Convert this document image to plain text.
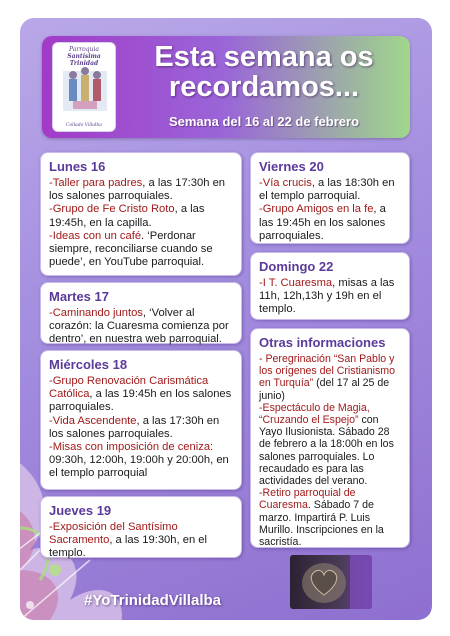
Parroquia
Santísima Trinidad
Collado Villalba
Esta semana os
recordamos...
Semana del 16 al 22 de febrero
Lunes 16
-Taller para padres, a las 17:30h en los salones parroquiales.
-Grupo de Fe Cristo Roto, a las 19:45h, en la capilla.
-Ideas con un café. ‘Perdonar siempre, reconciliarse cuando se puede’, en YouTube parroquial.
Martes 17
-Caminando juntos, ‘Volver al corazón: la Cuaresma comienza por dentro’, en nuestra web parroquial.
Miércoles 18
-Grupo Renovación Carismática Católica, a las 19:45h en los salones parroquiales.
-Vida Ascendente, a las 17:30h en los salones parroquiales.
-Misas con imposición de ceniza: 09:30h, 12:00h, 19:00h y 20:00h, en el templo parroquial
Jueves 19
-Exposición del Santísimo Sacramento, a las 19:30h, en el templo.
Viernes 20
-Vía crucis, a las 18:30h en el templo parroquial.
-Grupo Amigos en la fe, a las 19:45h en los salones parroquiales.
Domingo 22
-I T. Cuaresma, misas a las 11h, 12h,13h y 19h en el templo.
Otras informaciones
- Peregrinación “San Pablo y los orígenes del Cristianismo en Turquía” (del 17 al 25 de junio)
-Espectáculo de Magia, “Cruzando el Espejo” con Yayo Ilusionista. Sábado 28 de febrero a la 18:00h en los salones parroquiales. Lo recaudado es para las actividades del verano.
-Retiro parroquial de Cuaresma. Sábado 7 de marzo. Impartirá P. Luis Murillo. Inscripciones en la sacristía.
#YoTrinidadVillalba
